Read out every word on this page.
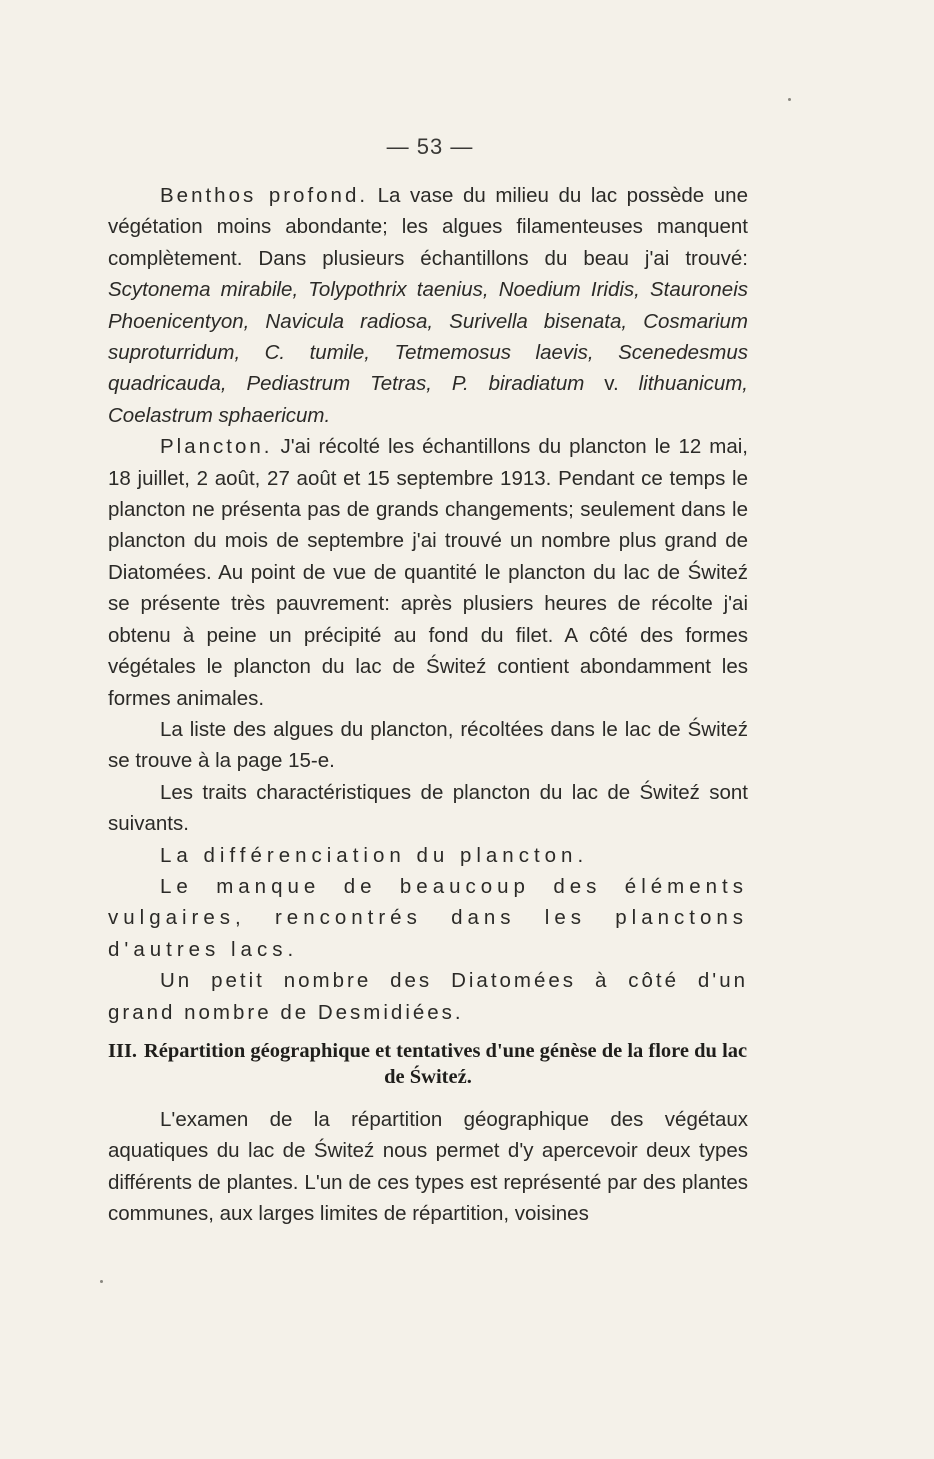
— 53 —

Benthos profond. La vase du milieu du lac possède une végétation moins abondante; les algues filamenteuses manquent complètement. Dans plusieurs échantillons du beau j'ai trouvé: Scytonema mirabile, Tolypothrix taenius, Noedium Iridis, Stauroneis Phoenicentyon, Navicula radiosa, Surivella bisenata, Cosmarium suproturridum, C. tumile, Tetmemosus laevis, Scenedesmus quadricauda, Pediastrum Tetras, P. biradiatum v. lithuanicum, Coelastrum sphaericum.

Plancton. J'ai récolté les échantillons du plancton le 12 mai, 18 juillet, 2 août, 27 août et 15 septembre 1913. Pendant ce temps le plancton ne présenta pas de grands changements; seulement dans le plancton du mois de septembre j'ai trouvé un nombre plus grand de Diatomées. Au point de vue de quantité le plancton du lac de Świteź se présente très pauvrement: après plusiers heures de récolte j'ai obtenu à peine un précipité au fond du filet. A côté des formes végétales le plancton du lac de Świteź contient abondamment les formes animales.

La liste des algues du plancton, récoltées dans le lac de Świteź se trouve à la page 15-e.

Les traits charactéristiques de plancton du lac de Świteź sont suivants.

La différenciation du plancton.

Le manque de beaucoup des éléments vulgaires, rencontrés dans les planctons d'autres lacs.

Un petit nombre des Diatomées à côté d'un grand nombre de Desmidiées.

III. Répartition géographique et tentatives d'une génèse de la flore du lac de Świteź.

L'examen de la répartition géographique des végétaux aquatiques du lac de Świteź nous permet d'y apercevoir deux types différents de plantes. L'un de ces types est représenté par des plantes communes, aux larges limites de répartition, voisines
